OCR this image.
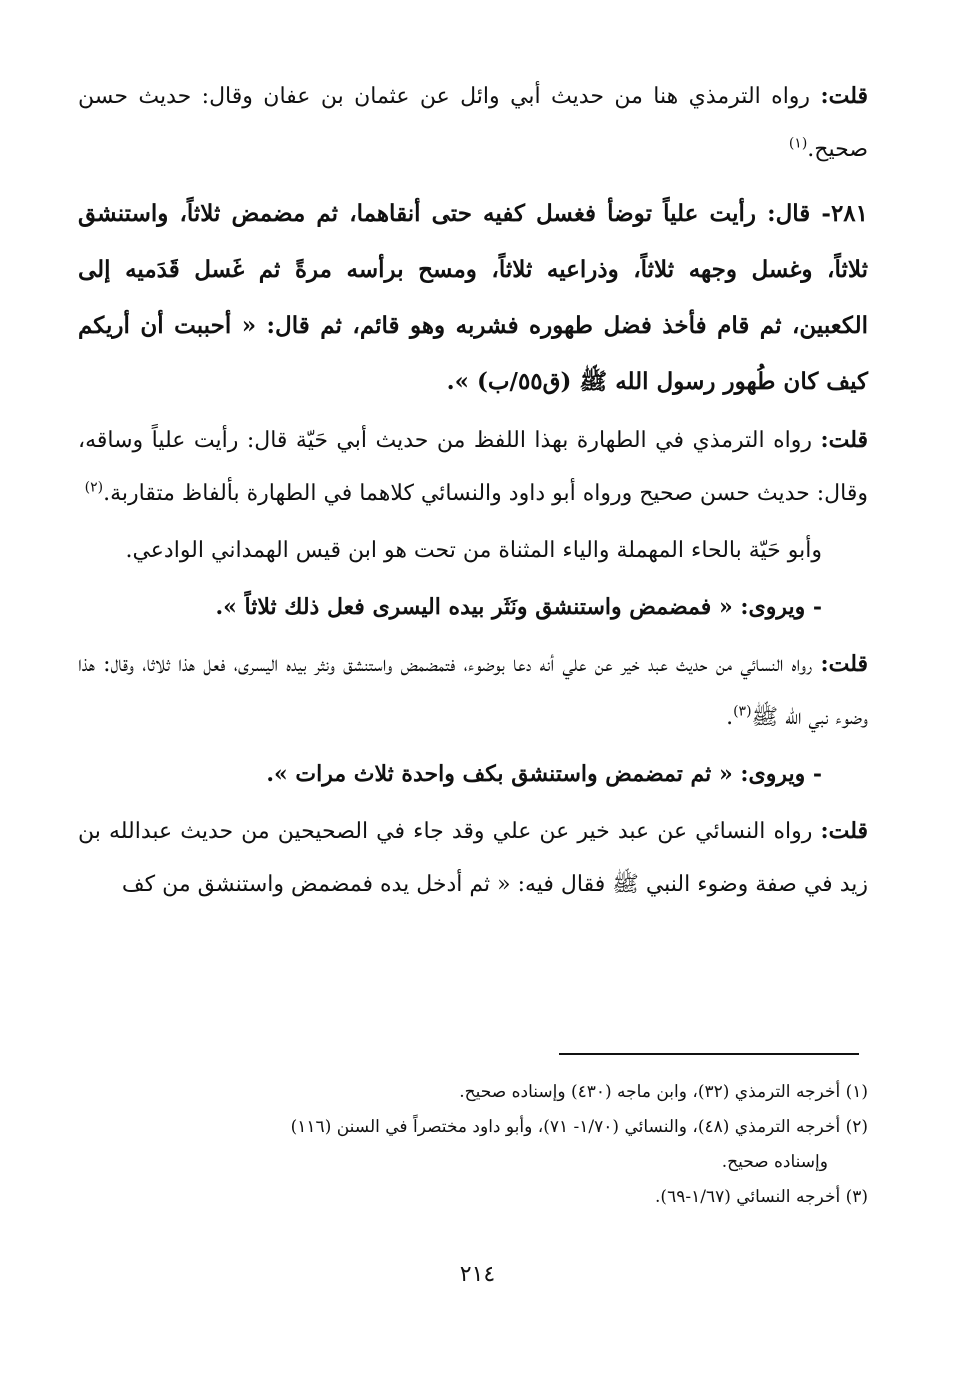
قلت: رواه الترمذي هنا من حديث أبي وائل عن عثمان بن عفان وقال: حديث حسن صحيح.$^{(١)}$

٢٨١- قال: رأيت علياً توضأ فغسل كفيه حتى أنقاهما، ثم مضمض ثلاثاً، واستنشق ثلاثاً، وغسل وجهه ثلاثاً، وذراعيه ثلاثاً، ومسح برأسه مرةً ثم غَسل قَدَميه إلى الكعبين، ثم قام فأخذ فضل طهوره فشربه وهو قائم، ثم قال: « أحببت أن أريكم كيف كان طُهور رسول الله ﷺ (ق٥٥/ب) ».

قلت: رواه الترمذي في الطهارة بهذا اللفظ من حديث أبي حَيّة قال: رأيت علياً وساقه، وقال: حديث حسن صحيح ورواه أبو داود والنسائي كلاهما في الطهارة بألفاظ متقاربة.$^{(٢)}$

وأبو حَيّة بالحاء المهملة والياء المثناة من تحت هو ابن قيس الهمداني الوادعي.

- ويروى: « فمضمض واستنشق ونَثَر بيده اليسرى فعل ذلك ثلاثاً ».

قلت: رواه النسائي من حديث عبد خير عن علي أنه دعا بوضوء، فتمضمض واستنشق ونثر بيده اليسرى، فعل هذا ثلاثا، وقال: هذا وضوء نبي الله ﷺ$^{(٣)}$.

- ويروى: « ثم تمضمض واستنشق بكف واحدة ثلاث مرات ».

قلت: رواه النسائي عن عبد خير عن علي وقد جاء في الصحيحين من حديث عبدالله بن زيد في صفة وضوء النبي ﷺ فقال فيه: « ثم أدخل يده فمضمض واستنشق من كف

(١) أخرجه الترمذي (٣٢)، وابن ماجه (٤٣٠) وإسناده صحيح.

(٢) أخرجه الترمذي (٤٨)، والنسائي (١/٧٠- ٧١)، وأبو داود مختصراً في السنن (١١٦)
وإسناده صحيح.

(٣) أخرجه النسائي (١/٦٧-٦٩).

٢١٤
